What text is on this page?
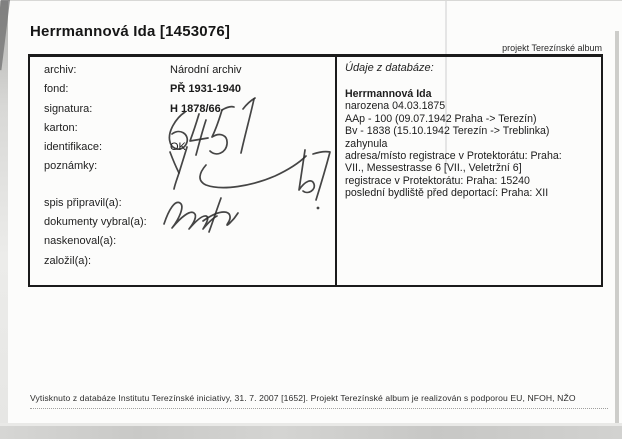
Herrmannová Ida [1453076]
projekt Terezínské album
archiv:	Národní archiv
fond:	PŘ 1931-1940
signatura:	H 1878/66
karton:
identifikace:	OK
poznámky:
spis připravil(a):
dokumenty vybral(a):
naskenoval(a):
založil(a):
Údaje z databáze:
Herrmannová Ida
narozena 04.03.1875
AAp - 100 (09.07.1942 Praha -> Terezín)
Bv - 1838 (15.10.1942 Terezín -> Treblinka)
zahynula
adresa/místo registrace v Protektorátu: Praha:
VII., Messestrasse 6 [VII., Veletržní 6]
registrace v Protektorátu: Praha: 15240
poslední bydliště před deportací: Praha: XII
Vytisknuto z databáze Institutu Terezínské iniciativy, 31. 7. 2007 [1652]. Projekt Terezínské album je realizován s podporou EU, NFOH, NŽO
